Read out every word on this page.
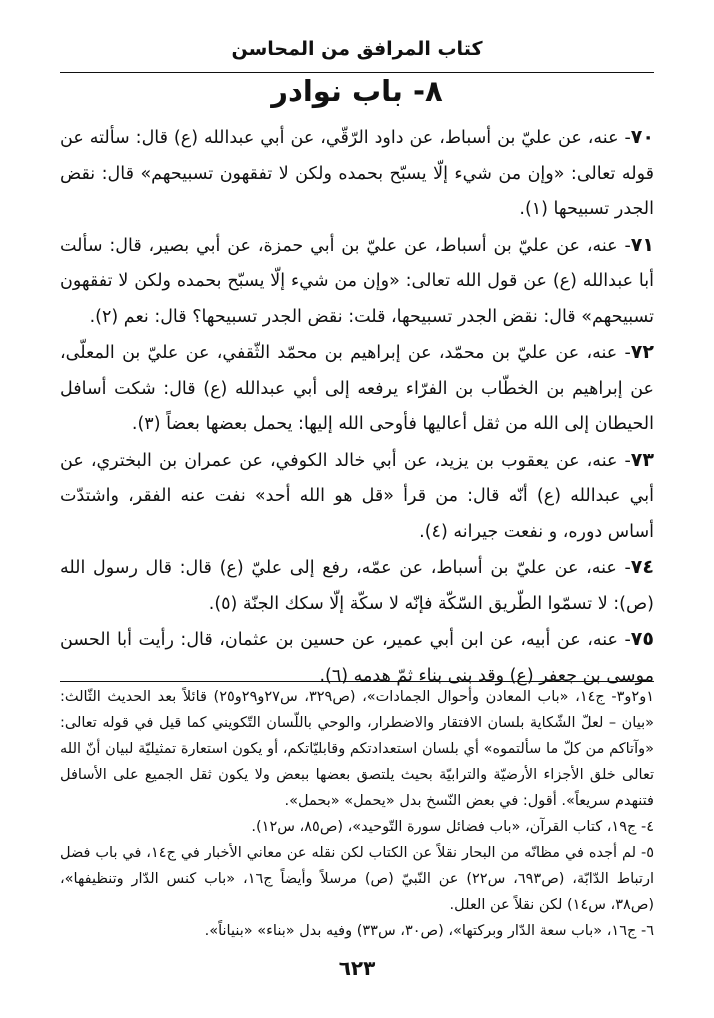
كتاب المرافق من المحاسن
٨- باب نوادر

٧٠- عنه، عن عليّ بن أسباط، عن داود الرّقّي، عن أبي عبدالله (ع) قال: سألته عن قوله تعالى: «وإن من شيء إلّا يسبّح بحمده ولكن لا تفقهون تسبيحهم» قال: نقض الجدر تسبيحها (١).

٧١- عنه، عن عليّ بن أسباط، عن عليّ بن أبي حمزة، عن أبي بصير، قال: سألت أبا عبدالله (ع) عن قول الله تعالى: «وإن من شيء إلّا يسبّح بحمده ولكن لا تفقهون تسبيحهم» قال: نقض الجدر تسبيحها، قلت: نقض الجدر تسبيحها؟ قال: نعم (٢).

٧٢- عنه، عن عليّ بن محمّد، عن إبراهيم بن محمّد الثّقفي، عن عليّ بن المعلّى، عن إبراهيم بن الخطّاب بن الفرّاء يرفعه إلى أبي عبدالله (ع) قال: شكت أسافل الحيطان إلى الله من ثقل أعاليها فأوحى الله إليها: يحمل بعضها بعضاً (٣).

٧٣- عنه، عن يعقوب بن يزيد، عن أبي خالد الكوفي، عن عمران بن البختري، عن أبي عبدالله (ع) أنّه قال: من قرأ «قل هو الله أحد» نفت عنه الفقر، واشتدّت أساس دوره، و نفعت جيرانه (٤).

٧٤- عنه، عن عليّ بن أسباط، عن عمّه، رفع إلى عليّ (ع) قال: قال رسول الله (ص): لا تسمّوا الطّريق السّكّة فإنّه لا سكّة إلّا سكك الجنّة (٥).

٧٥- عنه، عن أبيه، عن ابن أبي عمير، عن حسين بن عثمان، قال: رأيت أبا الحسن موسى بن جعفر (ع) وقد بنى بناء ثمّ هدمه (٦).

١و٢و٣- ج١٤، «باب المعادن وأحوال الجمادات»، (ص٣٢٩، س٢٧و٢٩و٢٥) قائلاً بعد الحديث الثّالث: «بيان – لعلّ الشّكاية بلسان الافتقار والاضطرار، والوحي باللّسان التّكويني كما قيل في قوله تعالى: «وآتاكم من كلّ ما سألتموه» أي بلسان استعدادتكم وقابليّاتكم، أو يكون استعارة تمثيليّة لبيان أنّ الله تعالى خلق الأجزاء الأرضيّة والترابيّة بحيث يلتصق بعضها ببعض ولا يكون ثقل الجميع على الأسافل فتنهدم سريعاً». أقول: في بعض النّسخ بدل «يحمل» «بحمل».

٤- ج١٩، كتاب القرآن، «باب فضائل سورة التّوحيد»، (ص٨٥، س١٢).

٥- لم أجده في مظانّه من البحار نقلاً عن الكتاب لكن نقله عن معاني الأخبار في ج١٤، في باب فضل ارتباط الدّابّة، (ص٦٩٣، س٢٢) عن النّبيّ (ص) مرسلاً وأيضاً ج١٦، «باب كنس الدّار وتنظيفها»، (ص٣٨، س١٤) لكن نقلاً عن العلل.

٦- ج١٦، «باب سعة الدّار وبركتها»، (ص٣٠، س٣٣) وفيه بدل «بناء» «بنياناً».

٦٢٣
